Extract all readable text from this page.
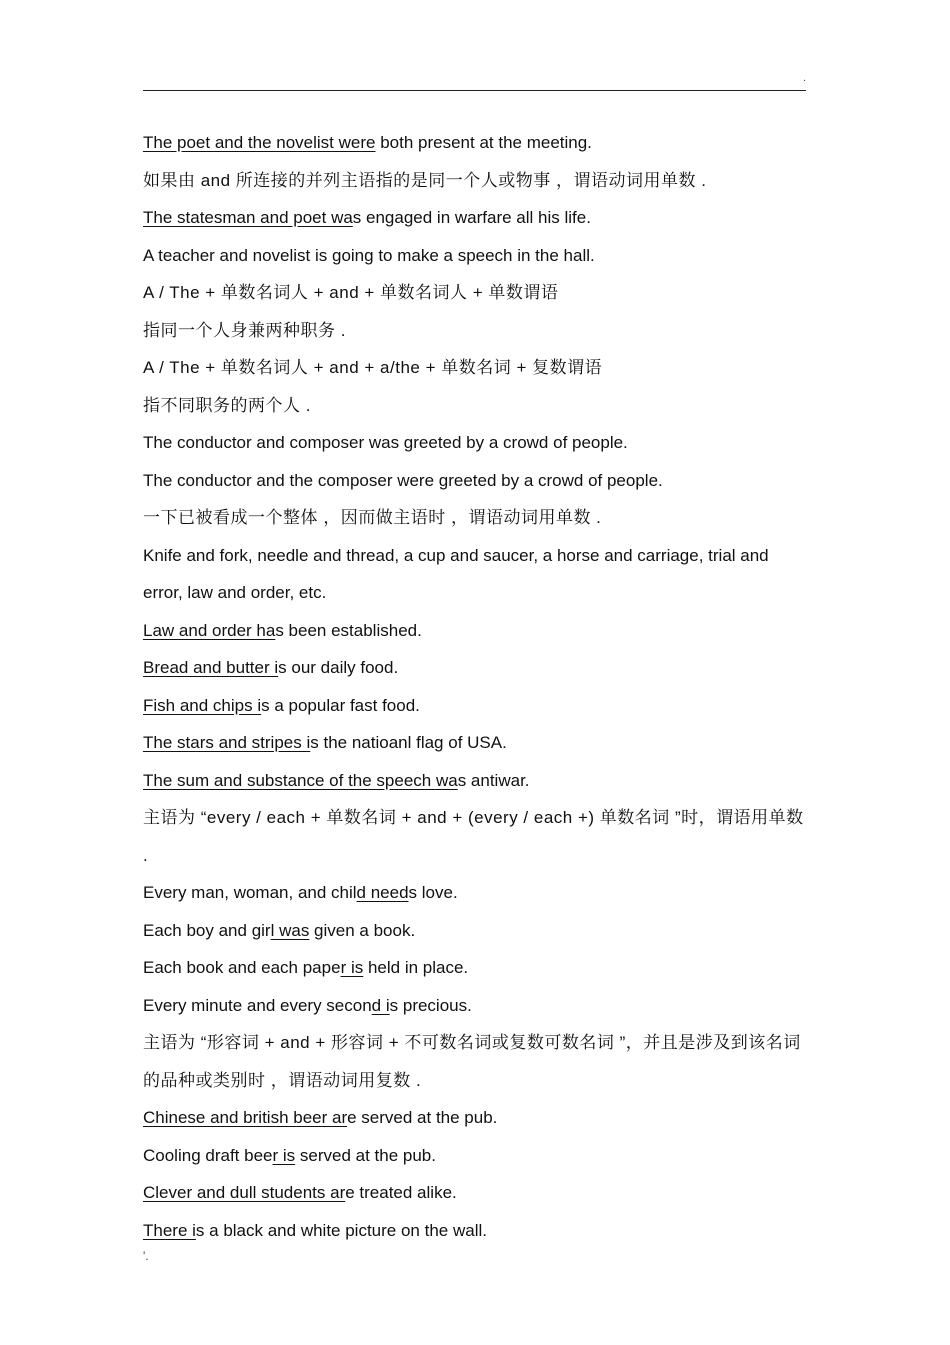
.
The poet and the novelist were both present at the meeting.
如果由 and 所连接的并列主语指的是同一个人或物事 ，谓语动词用单数 .
The statesman and poet was engaged in warfare all his life.
A teacher and novelist is going to make a speech in the hall.
A / The + 单数名词人 + and + 单数名词人 + 单数谓语
指同一个人身兼两种职务 .
A / The + 单数名词人 + and + a/the + 单数名词 + 复数谓语
指不同职务的两个人 .
The conductor and composer was greeted by a crowd of people.
The conductor and the composer were greeted by a crowd of people.
一下已被看成一个整体 ，因而做主语时 ，谓语动词用单数 .
Knife and fork, needle and thread, a cup and saucer, a horse and carriage, trial and error, law and order, etc.
Law and order has been established.
Bread and butter is our daily food.
Fish and chips is a popular fast food.
The stars and stripes is the natioanl flag of USA.
The sum and substance of the speech was antiwar.
主语为 “every / each + 单数名词 + and + (every / each +) 单数名词 ”时，谓语用单数 .
Every man, woman, and child needs love.
Each boy and girl was given a book.
Each book and each paper is held in place.
Every minute and every second is precious.
主语为 “形容词 + and + 形容词 + 不可数名词或复数可数名词 ”，并且是涉及到该名词的品种或类别时 ，谓语动词用复数 .
Chinese and british beer are served at the pub.
Cooling draft beer is served at the pub.
Clever and dull students are treated alike.
There is a black and white picture on the wall.
'.
